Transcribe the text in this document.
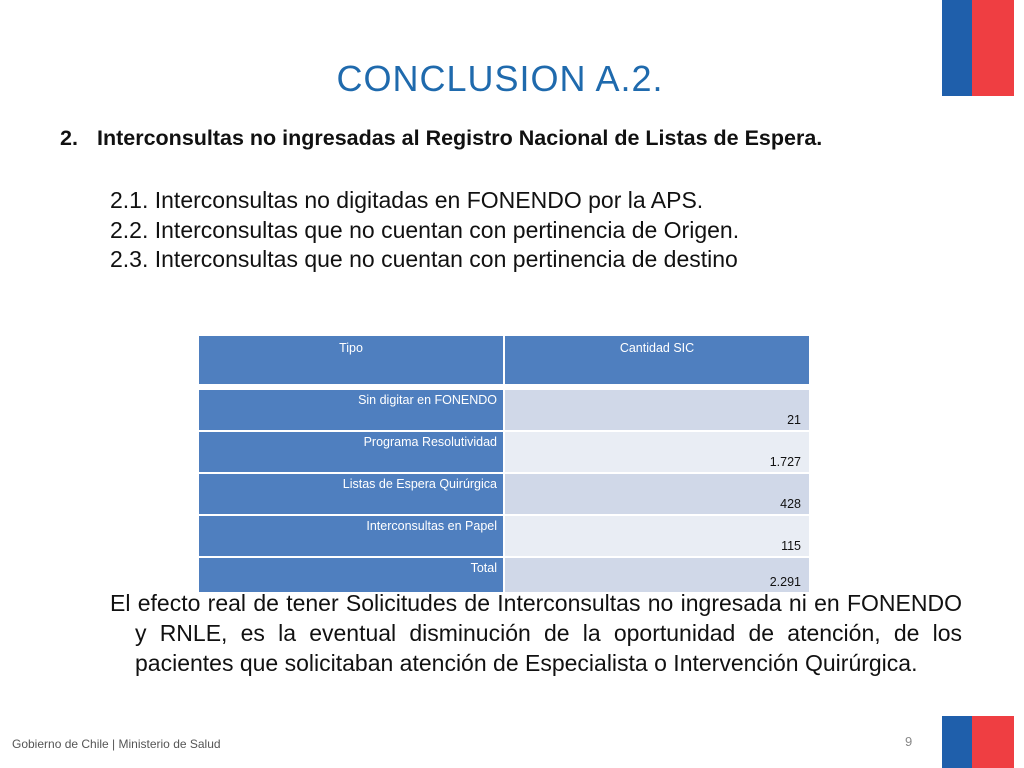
CONCLUSION A.2.
2. Interconsultas no ingresadas al Registro Nacional de Listas de Espera.
2.1. Interconsultas no digitadas en FONENDO por la APS.
2.2. Interconsultas que no cuentan con pertinencia de Origen.
2.3. Interconsultas que no cuentan con pertinencia de destino
Tipo	Cantidad SIC

Sin digitar en FONENDO	21
Programa Resolutividad	1.727
Listas de Espera Quirúrgica	428
Interconsultas en Papel	115
Total	2.291

El efecto real de tener Solicitudes de Interconsultas no ingresada ni en FONENDO y RNLE, es la eventual disminución de la oportunidad de atención, de los pacientes que solicitaban atención de Especialista o Intervención Quirúrgica.

Gobierno de Chile | Ministerio de Salud	9
